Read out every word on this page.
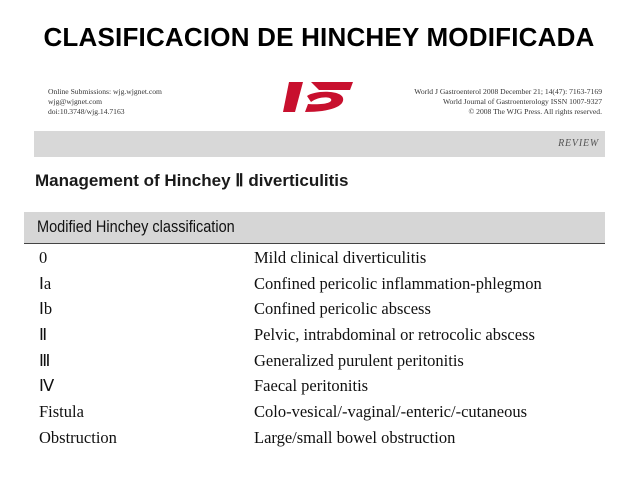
CLASIFICACION DE HINCHEY MODIFICADA
Online Submissions: wjg.wjgnet.com
wjg@wjgnet.com
doi:10.3748/wjg.14.7163
World J Gastroenterol 2008 December 21; 14(47): 7163-7169
World Journal of Gastroenterology ISSN 1007-9327
© 2008 The WJG Press. All rights reserved.
REVIEW
Management of Hinchey Ⅱ diverticulitis
Modified Hinchey classification
0	Mild clinical diverticulitis
Ⅰa	Confined pericolic inflammation-phlegmon
Ⅰb	Confined pericolic abscess
Ⅱ	Pelvic, intrabdominal or retrocolic abscess
Ⅲ	Generalized purulent peritonitis
Ⅳ	Faecal peritonitis
Fistula	Colo-vesical/-vaginal/-enteric/-cutaneous
Obstruction	Large/small bowel obstruction
